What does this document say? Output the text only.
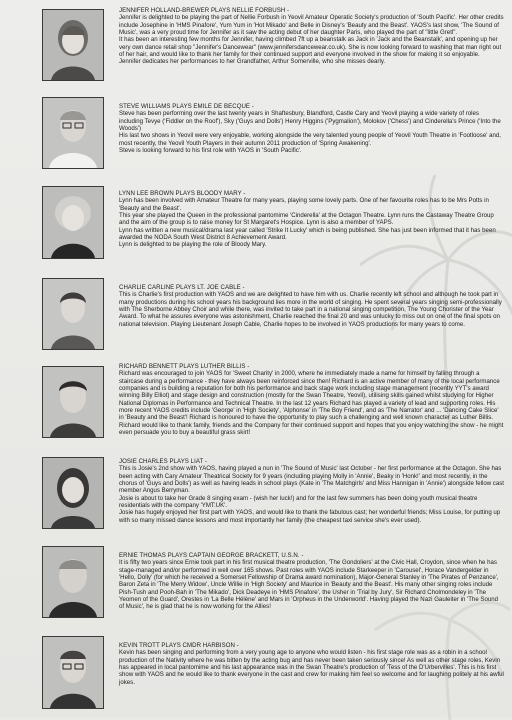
JENNIFER HOLLAND-BREWER PLAYS NELLIE FORBUSH -

Jennifer is delighted to be playing the part of Nellie Forbush in Yeovil Amateur Operatic Society's production of 'South Pacific'. Her other credits include Josephine in 'HMS Pinafore', Yum Yum in 'Hot Mikado' and Belle in Disney's 'Beauty and the Beast'. YAOS's last show, 'The Sound of Music', was a very proud time for Jennifer as it saw the acting debut of her daughter Paris, who played the part of "little Gretl".

It has been an interesting few months for Jennifer, having climbed 7ft up a beanstalk as Jack in 'Jack and the Beanstalk', and opening up her very own dance retail shop "Jennifer's Dancewear" (www.jennifersdancewear.co.uk). She is now looking forward to washing that man right out of her hair, and would like to thank her family for their continued support and everyone involved in the show for making it so enjoyable.

Jennifer dedicates her performances to her Grandfather, Arthur Somerville, who she misses dearly.

STEVE WILLIAMS PLAYS EMILE DE BECQUE -

Steve has been performing over the last twenty years in Shaftesbury, Blandford, Castle Cary and Yeovil playing a wide variety of roles including Tevye ('Fiddler on the Roof'), Sky ('Guys and Dolls') Henry Higgins ('Pygmalion'), Molokov ('Chess') and Cinderella's Prince ('Into the Woods')

His last two shows in Yeovil were very enjoyable, working alongside the very talented young people of Yeovil Youth Theatre in 'Footloose' and, most recently, the Yeovil Youth Players in their autumn 2011 production of 'Spring Awakening'.

Steve is looking forward to his first role with YAOS in 'South Pacific'.

LYNN LEE BROWN PLAYS BLOODY MARY -

Lynn has been involved with Amateur Theatre for many years, playing some lovely parts. One of her favourite roles has to be Mrs Potts in 'Beauty and the Beast'.

This year she played the Queen in the professional pantomime 'Cinderella' at the Octagon Theatre. Lynn runs the Castaway Theatre Group and the aim of the group is to raise money for St Margaret's Hospice. Lynn is also a member of YAPS.

Lynn has written a new musical/drama last year called 'Strike It Lucky' which is being published. She has just been informed that it has been awarded the NODA South West District 8 Achievement Award.

Lynn is delighted to be playing the role of Bloody Mary.

CHARLIE CARLINE PLAYS LT. JOE CABLE -

This is Charlie's first production with YAOS and we are delighted to have him with us. Charlie recently left school and although he took part in many productions during his school years his background lies more in the world of singing. He spent several years singing semi-professionally with The Sherborne Abbey Choir and while there, was invited to take part in a national singing competition, The Young Chorister of the Year Award. To what he assures everyone was astonishment, Charlie reached the final 20 and was unlucky to miss out on one of the final spots on national television. Playing Lieutenant Joseph Cable, Charlie hopes to be involved in YAOS productions for many years to come.

RICHARD BENNETT PLAYS LUTHER BILLIS -

Richard was encouraged to join YAOS for 'Sweet Charity' in 2000, where he immediately made a name for himself by falling through a staircase during a performance - they have always been reinforced since then! Richard is an active member of many of the local performance companies and is building a reputation for both his performance and back stage work including stage management (recently YYT's award winning Billy Elliot) and stage design and construction (mostly for the Swan Theatre, Yeovil), utilising skills gained whilst studying for Higher National Diplomas in Performance and Technical Theatre. In the last 12 years Richard has played a variety of lead and supporting roles. His more recent YAOS credits include 'George' in 'High Society', 'Alphonse' in 'The Boy Friend', and as 'The Narrator' and ... 'Dancing Cake Slice' in 'Beauty and the Beast'! Richard is honoured to have the opportunity to play such a challenging and well known character as Luther Billis.

Richard would like to thank family, friends and the Company for their continued support and hopes that you enjoy watching the show - he might even persuade you to buy a beautiful grass skirt!

JOSIE CHARLES PLAYS LIAT -

This is Josie's 2nd show with YAOS, having played a nun in 'The Sound of Music' last October - her first performance at the Octagon. She has been acting with Cary Amateur Theatrical Society for 9 years (including playing Molly in 'Annie', Beaky in 'Honk!' and most recently, in the chorus of 'Guys and Dolls') as well as having leads in school plays (Kate in 'The Matchgirls' and Miss Hannigan in 'Annie') alongside fellow cast member Angus Berryman.

Josie is about to take her Grade 8 singing exam - (wish her luck!) and for the last few summers has been doing youth musical theatre residentials with the company 'YMT:UK'.

Josie has hugely enjoyed her first part with YAOS, and would like to thank the fabulous cast; her wonderful friends; Miss Louise, for putting up with so many missed dance lessons and most importantly her family (the cheapest taxi service she's ever used).

ERNIE THOMAS PLAYS CAPTAIN GEORGE BRACKETT, U.S.N. -

It is fifty two years since Ernie took part in his first musical theatre production, 'The Gondoliers' at the Civic Hall, Croydon, since when he has stage-managed and/or performed in well over 165 shows. Past roles with YAOS include Starkeeper in 'Carousel', Horace Vandergelder in 'Hello, Dolly' (for which he received a Somerset Fellowship of Drama award nomination), Major-General Stanley in 'The Pirates of Penzance', Baron Zeta in 'The Merry Widow', Uncle Willie in 'High Society' and Maurice in 'Beauty and the Beast'. His many other singing roles include Pish-Tush and Pooh-Bah in 'The Mikado', Dick Deadeye in 'HMS Pinafore', the Usher in 'Trial by Jury', Sir Richard Cholmondeley in 'The Yeomen of the Guard', Orestes in 'La Belle Hélène' and Mars in 'Orpheus in the Underworld'. Having played the Nazi Gauleiter in 'The Sound of Music', he is glad that he is now working for the Allies!

KEVIN TROTT PLAYS CMDR HARBISON -

Kevin has been singing and performing from a very young age to anyone who would listen - his first stage role was as a robin in a school production of the Nativity where he was bitten by the acting bug and has never been taken seriously since! As well as other stage roles, Kevin has appeared in local pantomime and his last appearance was in the Swan Theatre's production of 'Tess of the D'Urbervilles'. This is his first show with YAOS and he would like to thank everyone in the cast and crew for making him feel so welcome and for laughing politely at his awful jokes.
